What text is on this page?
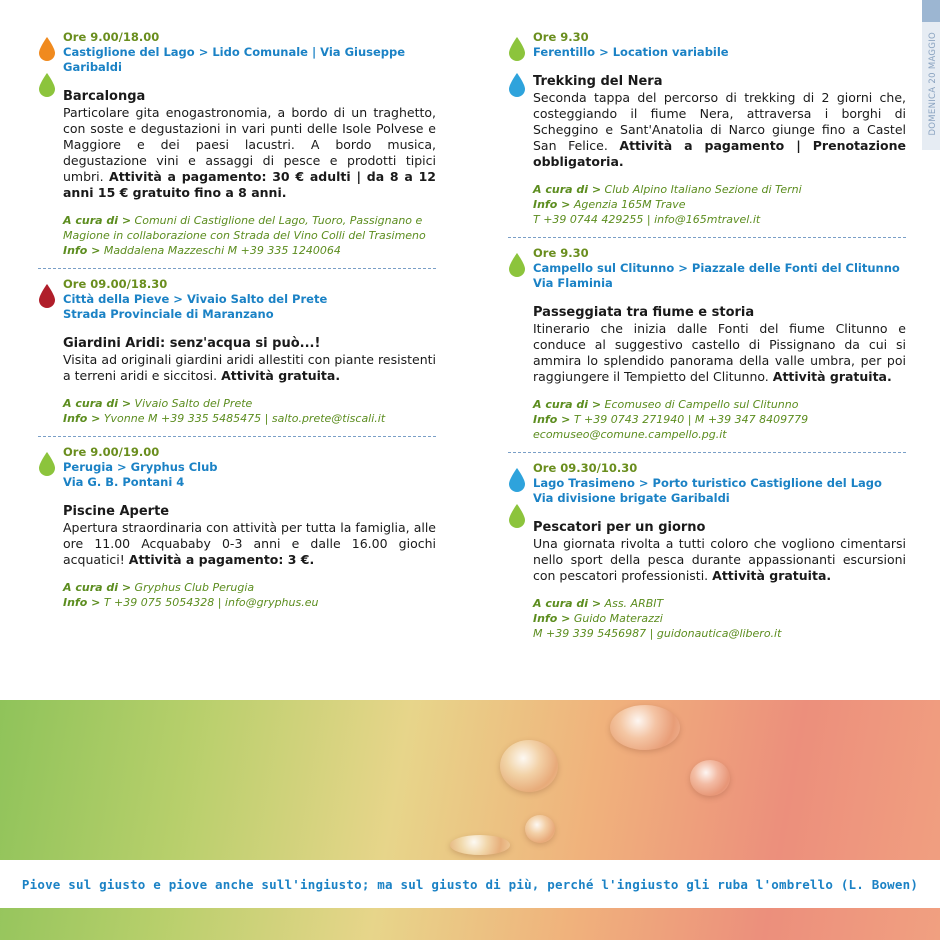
DOMENICA 20 MAGGIO
Ore 9.00/18.00
Castiglione del Lago > Lido Comunale | Via Giuseppe Garibaldi
Barcalonga
Particolare gita enogastronomia, a bordo di un traghetto, con soste e degustazioni in vari punti delle Isole Polvese e Maggiore e dei paesi lacustri. A bordo musica, degustazione vini e assaggi di pesce e prodotti tipici umbri. Attività a pagamento: 30 € adulti | da 8 a 12 anni 15 € gratuito fino a 8 anni.
A cura di > Comuni di Castiglione del Lago, Tuoro, Passignano e Magione in collaborazione con Strada del Vino Colli del Trasimeno
Info > Maddalena Mazzeschi M +39 335 1240064
Ore 09.00/18.30
Città della Pieve > Vivaio Salto del Prete
Strada Provinciale di Maranzano
Giardini Aridi: senz'acqua si può...!
Visita ad originali giardini aridi allestiti con piante resistenti a terreni aridi e siccitosi. Attività gratuita.
A cura di > Vivaio Salto del Prete
Info > Yvonne M +39 335 5485475 | salto.prete@tiscali.it
Ore 9.00/19.00
Perugia > Gryphus Club
Via G. B. Pontani 4
Piscine Aperte
Apertura straordinaria con attività per tutta la famiglia, alle ore 11.00 Acquababy 0-3 anni e dalle 16.00 giochi acquatici! Attività a pagamento: 3 €.
A cura di > Gryphus Club Perugia
Info > T +39 075 5054328 | info@gryphus.eu
Ore 9.30
Ferentillo > Location variabile
Trekking del Nera
Seconda tappa del percorso di trekking di 2 giorni che, costeggiando il fiume Nera, attraversa i borghi di Scheggino e Sant'Anatolia di Narco giunge fino a Castel San Felice. Attività a pagamento | Prenotazione obbligatoria.
A cura di > Club Alpino Italiano Sezione di Terni
Info > Agenzia 165M Trave
T +39 0744 429255 | info@165mtravel.it
Ore 9.30
Campello sul Clitunno > Piazzale delle Fonti del Clitunno
Via Flaminia
Passeggiata tra fiume e storia
Itinerario che inizia dalle Fonti del fiume Clitunno e conduce al suggestivo castello di Pissignano da cui si ammira lo splendido panorama della valle umbra, per poi raggiungere il Tempietto del Clitunno. Attività gratuita.
A cura di > Ecomuseo di Campello sul Clitunno
Info > T +39 0743 271940 | M +39 347 8409779
ecomuseo@comune.campello.pg.it
Ore 09.30/10.30
Lago Trasimeno > Porto turistico Castiglione del Lago
Via divisione brigate Garibaldi
Pescatori per un giorno
Una giornata rivolta a tutti coloro che vogliono cimentarsi nello sport della pesca durante appassionanti escursioni con pescatori professionisti. Attività gratuita.
A cura di > Ass. ARBIT
Info > Guido Materazzi
M +39 339 5456987 | guidonautica@libero.it
Piove sul giusto e piove anche sull'ingiusto; ma sul giusto di più, perché l'ingiusto gli ruba l'ombrello (L. Bowen)
